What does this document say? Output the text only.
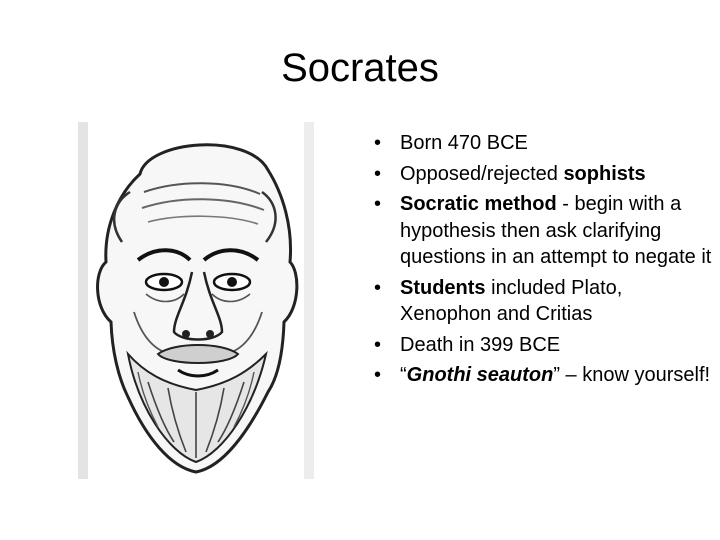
Socrates
• Born 470 BCE
• Opposed/rejected sophists
• Socratic method - begin with a hypothesis then ask clarifying questions in an attempt to negate it
• Students included Plato, Xenophon and Critias
• Death in 399 BCE
• “Gnothi seauton” – know yourself!
